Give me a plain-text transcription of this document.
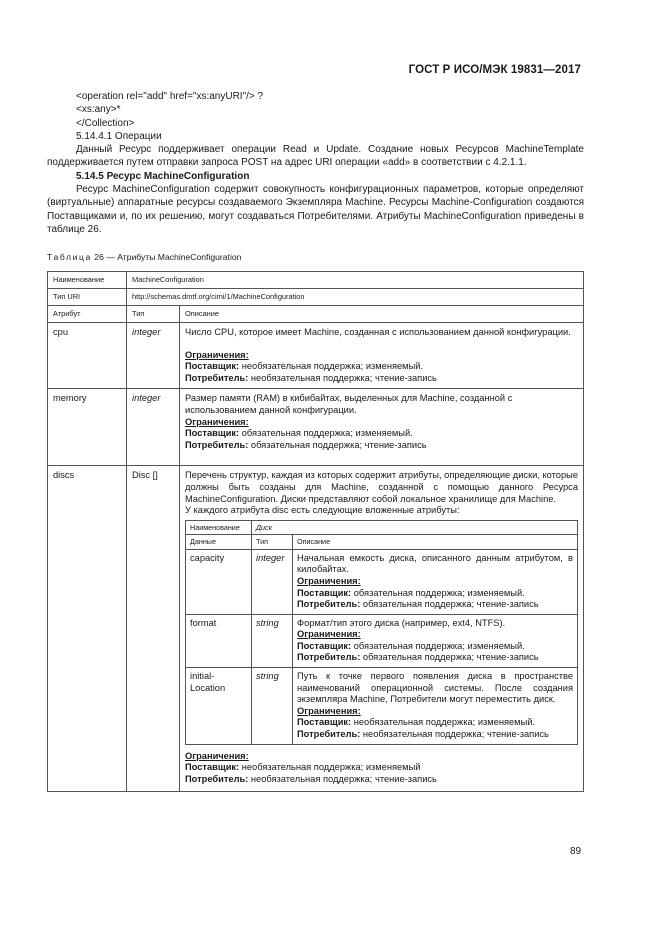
ГОСТ Р ИСО/МЭК 19831—2017

<operation rel="add" href="xs:anyURI"/> ?

<xs:any>*

</Collection>

5.14.4.1 Операции

Данный Ресурс поддерживает операции Read и Update. Создание новых Ресурсов MachineTemplate поддерживается путем отправки запроса POST на адрес URI операции «add» в соответствии с 4.2.1.1.

5.14.5 Ресурс MachineConfiguration

Ресурс MachineConfiguration содержит совокупность конфигурационных параметров, которые определяют (виртуальные) аппаратные ресурсы создаваемого Экземпляра Machine. Ресурсы Machine-Configuration создаются Поставщиками и, по их решению, могут создаваться Потребителями. Атрибуты MachineConfiguration приведены в таблице 26.

Таблица 26 — Атрибуты MachineConfiguration
Наименование	MachineConfiguration
Тип URI	http://schemas.dmtf.org/cimi/1/MachineConfiguration
Атрибут	Тип	Описание
cpu	integer	Число CPU, которое имеет Machine, созданная с использованием данной конфигурации.
Ограничения:
Поставщик: необязательная поддержка; изменяемый.
Потребитель: необязательная поддержка; чтение-запись

memory	integer	Размер памяти (RAM) в кибибайтах, выделенных для Machine, созданной с использованием данной конфигурации.
Ограничения:
Поставщик: обязательная поддержка; изменяемый.
Потребитель: обязательная поддержка; чтение-запись

discs	Disc []	Перечень структур, каждая из которых содержит атрибуты, определяющие диски, которые должны быть созданы для Machine, созданной с помощью данного Ресурса MachineConfiguration. Диски представляют собой локальное хранилище для Machine.
У каждого атрибута disc есть следующие вложенные атрибуты:
Наименование	Диск
Данные	Тип	Описание
capacity	integer	Начальная емкость диска, описанного данным атрибутом, в килобайтах.
Ограничения:
Поставщик: обязательная поддержка; изменяемый.
Потребитель: обязательная поддержка; чтение-запись

format	string	Формат/тип этого диска (например, ext4, NTFS).
Ограничения:
Поставщик: обязательная поддержка; изменяемый.
Потребитель: обязательная поддержка; чтение-запись

initial-Location	string	Путь к точке первого появления диска в пространстве наименований операционной системы. После создания экземпляра Machine, Потребители могут переместить диск.
Ограничения:
Поставщик: необязательная поддержка; изменяемый.
Потребитель: необязательная поддержка; чтение-запись
Ограничения:
Поставщик: необязательная поддержка; изменяемый
Потребитель: необязательная поддержка; чтение-запись
89
